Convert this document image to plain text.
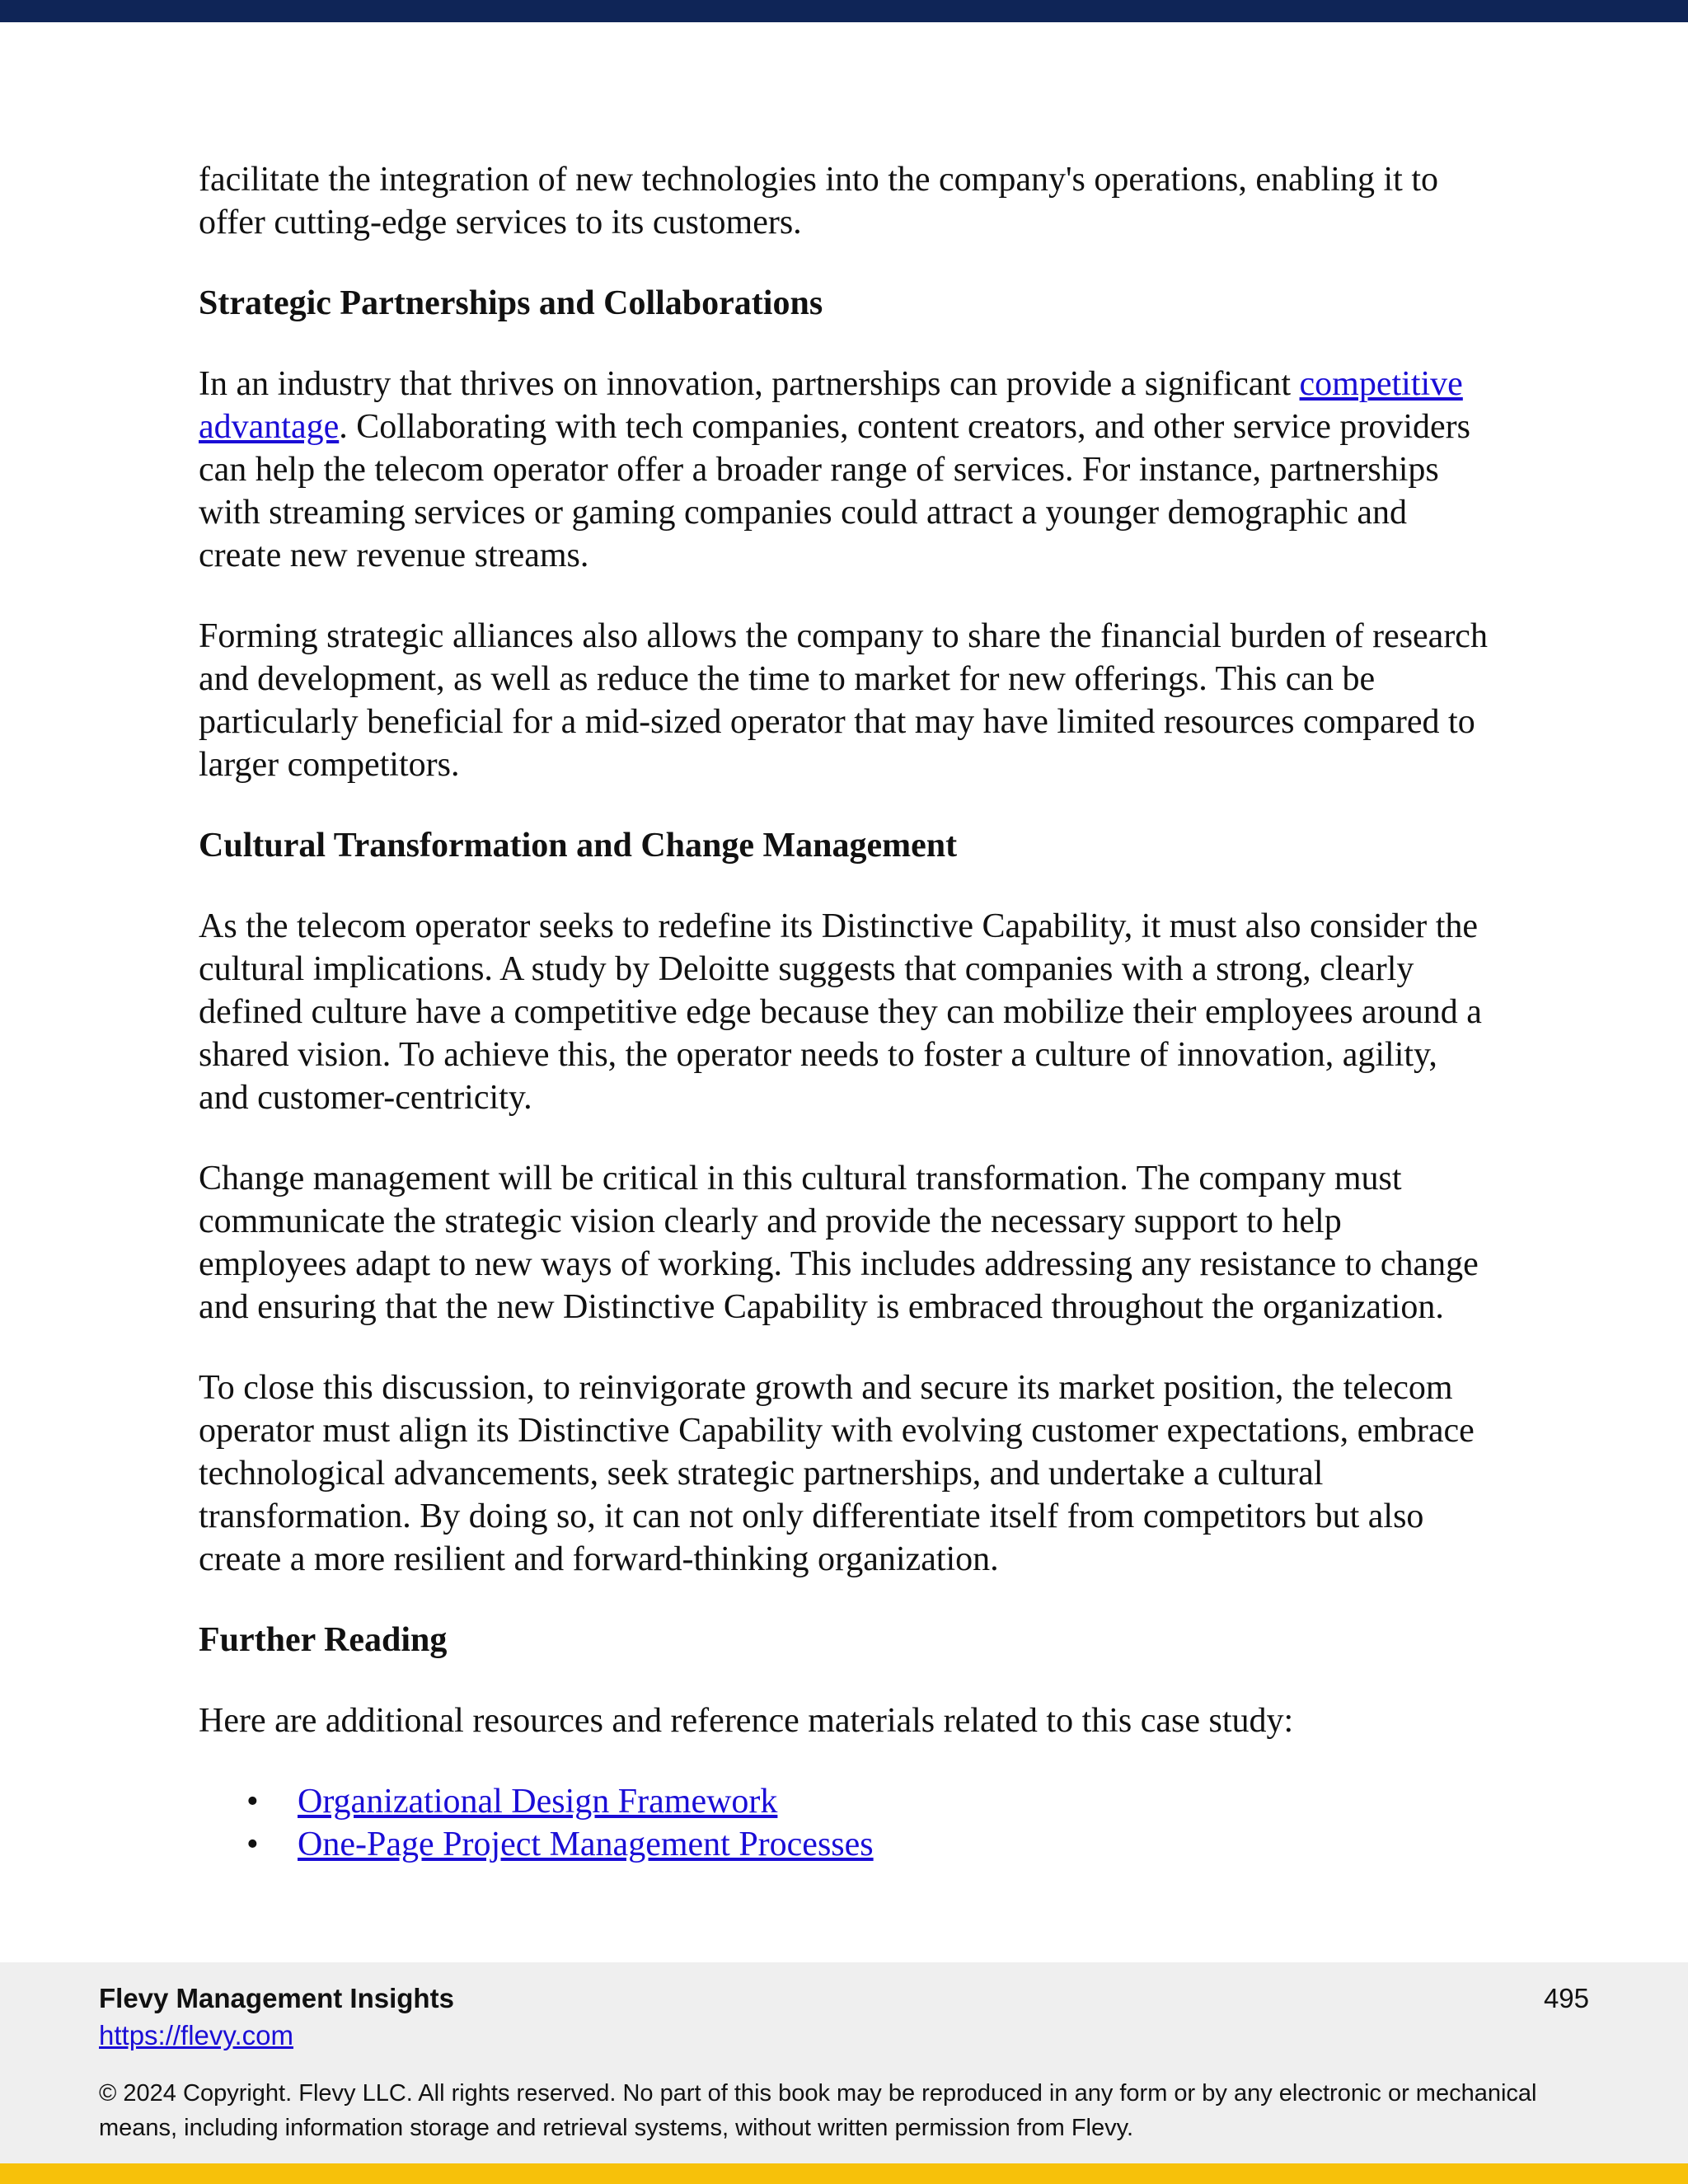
facilitate the integration of new technologies into the company's operations, enabling it to offer cutting-edge services to its customers.

Strategic Partnerships and Collaborations

In an industry that thrives on innovation, partnerships can provide a significant competitive advantage. Collaborating with tech companies, content creators, and other service providers can help the telecom operator offer a broader range of services. For instance, partnerships with streaming services or gaming companies could attract a younger demographic and create new revenue streams.

Forming strategic alliances also allows the company to share the financial burden of research and development, as well as reduce the time to market for new offerings. This can be particularly beneficial for a mid-sized operator that may have limited resources compared to larger competitors.

Cultural Transformation and Change Management

As the telecom operator seeks to redefine its Distinctive Capability, it must also consider the cultural implications. A study by Deloitte suggests that companies with a strong, clearly defined culture have a competitive edge because they can mobilize their employees around a shared vision. To achieve this, the operator needs to foster a culture of innovation, agility, and customer-centricity.

Change management will be critical in this cultural transformation. The company must communicate the strategic vision clearly and provide the necessary support to help employees adapt to new ways of working. This includes addressing any resistance to change and ensuring that the new Distinctive Capability is embraced throughout the organization.

To close this discussion, to reinvigorate growth and secure its market position, the telecom operator must align its Distinctive Capability with evolving customer expectations, embrace technological advancements, seek strategic partnerships, and undertake a cultural transformation. By doing so, it can not only differentiate itself from competitors but also create a more resilient and forward-thinking organization.

Further Reading

Here are additional resources and reference materials related to this case study:

• Organizational Design Framework
• One-Page Project Management Processes
Flevy Management Insights
https://flevy.com
495
© 2024 Copyright. Flevy LLC. All rights reserved. No part of this book may be reproduced in any form or by any electronic or mechanical means, including information storage and retrieval systems, without written permission from Flevy.
